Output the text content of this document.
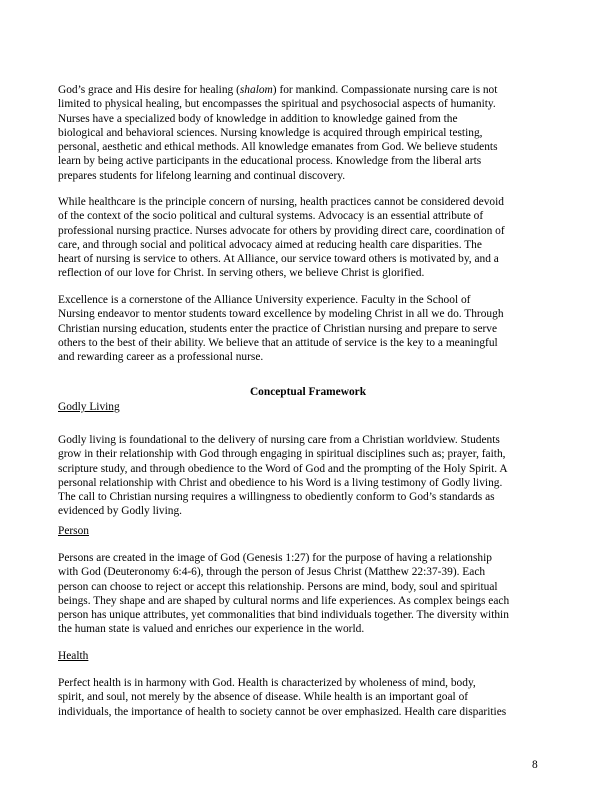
God’s grace and His desire for healing (shalom) for mankind. Compassionate nursing care is not
limited to physical healing, but encompasses the spiritual and psychosocial aspects of humanity.
Nurses have a specialized body of knowledge in addition to knowledge gained from the
biological and behavioral sciences. Nursing knowledge is acquired through empirical testing,
personal, aesthetic and ethical methods. All knowledge emanates from God. We believe students
learn by being active participants in the educational process. Knowledge from the liberal arts
prepares students for lifelong learning and continual discovery.
While healthcare is the principle concern of nursing, health practices cannot be considered devoid
of the context of the socio political and cultural systems. Advocacy is an essential attribute of
professional nursing practice. Nurses advocate for others by providing direct care, coordination of
care, and through social and political advocacy aimed at reducing health care disparities. The
heart of nursing is service to others. At Alliance, our service toward others is motivated by, and a
reflection of our love for Christ. In serving others, we believe Christ is glorified.
Excellence is a cornerstone of the Alliance University experience. Faculty in the School of
Nursing endeavor to mentor students toward excellence by modeling Christ in all we do. Through
Christian nursing education, students enter the practice of Christian nursing and prepare to serve
others to the best of their ability. We believe that an attitude of service is the key to a meaningful
and rewarding career as a professional nurse.
Conceptual Framework
Godly Living
Godly living is foundational to the delivery of nursing care from a Christian worldview. Students
grow in their relationship with God through engaging in spiritual disciplines such as; prayer, faith,
scripture study, and through obedience to the Word of God and the prompting of the Holy Spirit. A
personal relationship with Christ and obedience to his Word is a living testimony of Godly living.
The call to Christian nursing requires a willingness to obediently conform to God’s standards as
evidenced by Godly living.
Person
Persons are created in the image of God (Genesis 1:27) for the purpose of having a relationship
with God (Deuteronomy 6:4-6), through the person of Jesus Christ (Matthew 22:37-39). Each
person can choose to reject or accept this relationship. Persons are mind, body, soul and spiritual
beings. They shape and are shaped by cultural norms and life experiences. As complex beings each
person has unique attributes, yet commonalities that bind individuals together. The diversity within
the human state is valued and enriches our experience in the world.
Health
Perfect health is in harmony with God. Health is characterized by wholeness of mind, body,
spirit, and soul, not merely by the absence of disease. While health is an important goal of
individuals, the importance of health to society cannot be over emphasized. Health care disparities
8
